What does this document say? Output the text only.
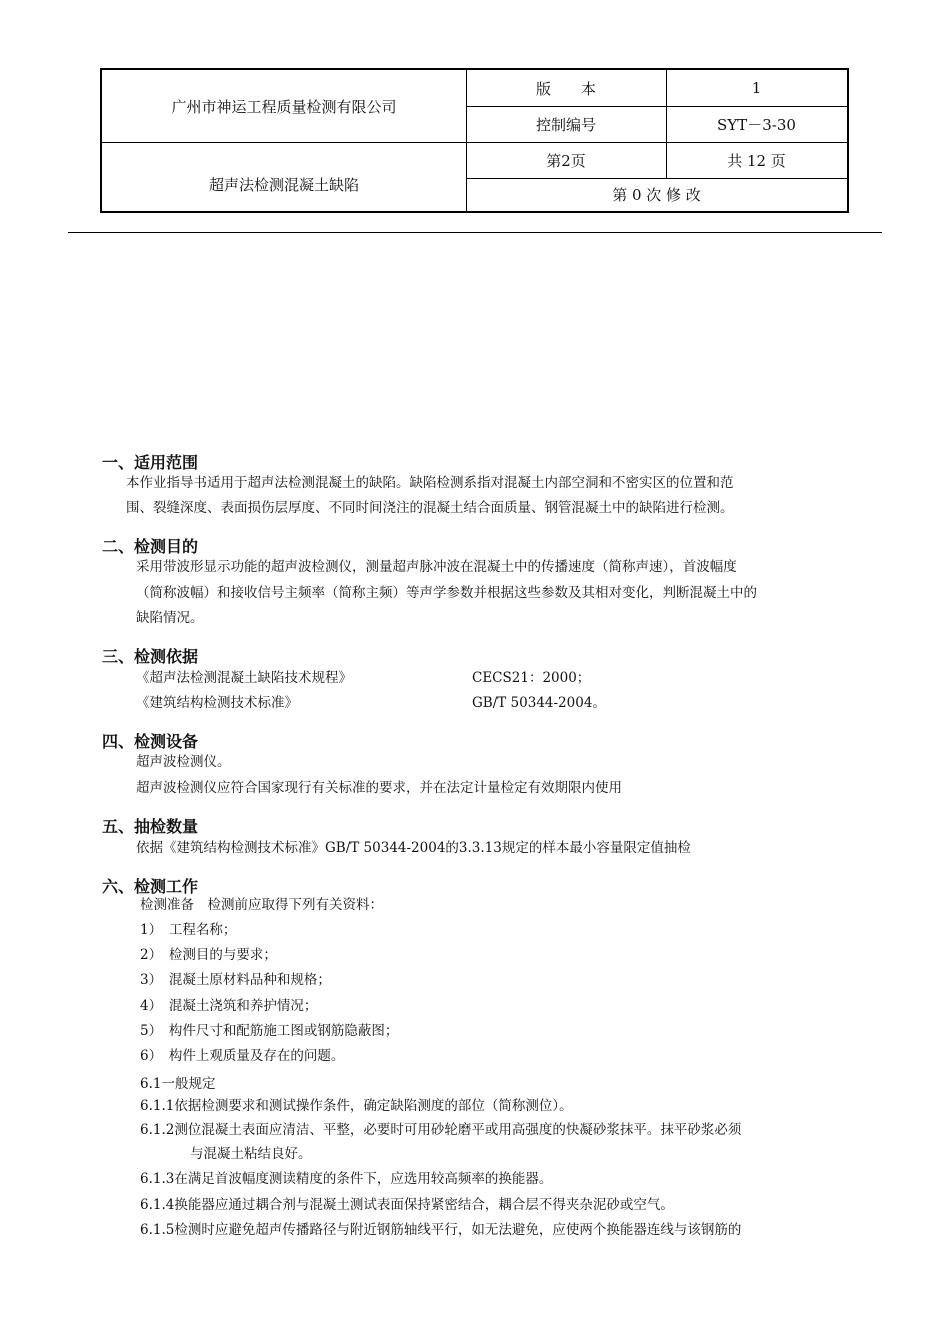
广州市神运工程质量检测有限公司
版　　本	1
控制编号	SYT－3-30
超声法检测混凝土缺陷
第2页	共 12 页
第 0 次 修 改
一、适用范围
本作业指导书适用于超声法检测混凝土的缺陷。缺陷检测系指对混凝土内部空洞和不密实区的位置和范
围、裂缝深度、表面损伤层厚度、不同时间浇注的混凝土结合面质量、钢管混凝土中的缺陷进行检测。
二、检测目的
采用带波形显示功能的超声波检测仪，测量超声脉冲波在混凝土中的传播速度（简称声速），首波幅度
（简称波幅）和接收信号主频率（简称主频）等声学参数并根据这些参数及其相对变化，判断混凝土中的
缺陷情况。
三、检测依据
《超声法检测混凝土缺陷技术规程》	CECS21：2000；
《建筑结构检测技术标准》	GB/T 50344-2004。
四、检测设备
超声波检测仪。
超声波检测仪应符合国家现行有关标准的要求，并在法定计量检定有效期限内使用
五、抽检数量
依据《建筑结构检测技术标准》GB/T 50344-2004的3.3.13规定的样本最小容量限定值抽检
六、检测工作
检测准备　检测前应取得下列有关资料：
1）　工程名称；
2）　检测目的与要求；
3）　混凝土原材料品种和规格；
4）　混凝土浇筑和养护情况；
5）　构件尺寸和配筋施工图或钢筋隐蔽图；
6）　构件上观质量及存在的问题。
6.1一般规定
6.1.1依据检测要求和测试操作条件，确定缺陷测度的部位（简称测位）。
6.1.2测位混凝土表面应清洁、平整，必要时可用砂轮磨平或用高强度的快凝砂浆抹平。抹平砂浆必须
与混凝土粘结良好。
6.1.3在满足首波幅度测读精度的条件下，应选用较高频率的换能器。
6.1.4换能器应通过耦合剂与混凝土测试表面保持紧密结合，耦合层不得夹杂泥砂或空气。
6.1.5检测时应避免超声传播路径与附近钢筋轴线平行，如无法避免，应使两个换能器连线与该钢筋的
